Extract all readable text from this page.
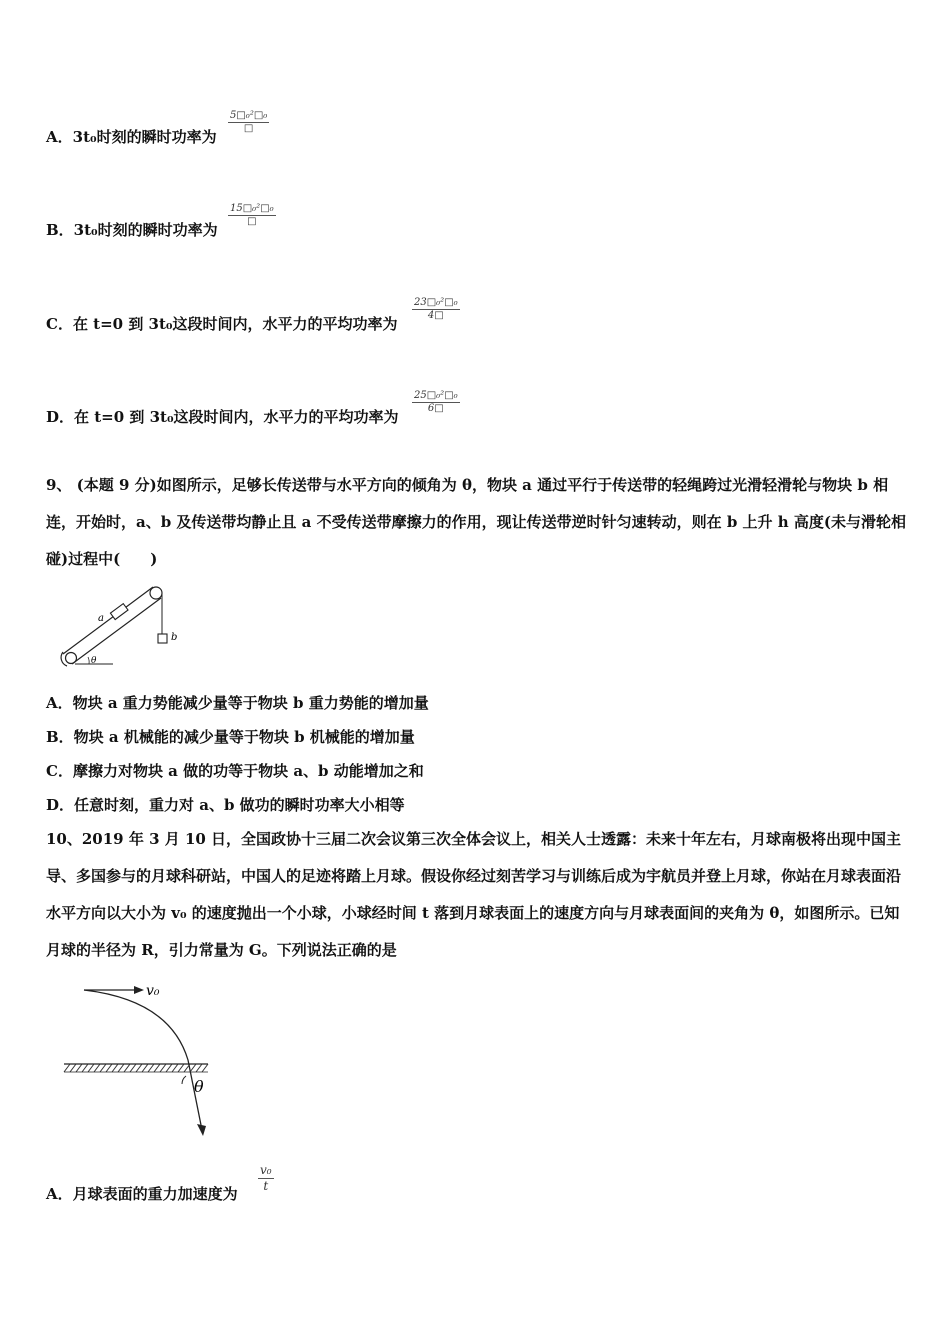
A．3t₀时刻的瞬时功率为
5□₀²□₀
□
B．3t₀时刻的瞬时功率为
15□₀²□₀
□
C．在 t=0 到 3t₀这段时间内，水平力的平均功率为
$\frac{\text{23□₀²□₀}}{4□}$
D．在 t=0 到 3t₀这段时间内，水平力的平均功率为
$\frac{\text{25□₀²□₀}}{6□}$
9、 (本题 9 分)如图所示，足够长传送带与水平方向的倾角为 θ，物块 a 通过平行于传送带的轻绳跨过光滑轻滑轮与物块 b 相连，开始时，a、b 及传送带均静止且 a 不受传送带摩擦力的作用，现让传送带逆时针匀速转动，则在 b 上升 h 高度(未与滑轮相碰)过程中(　　)
θ
a
b
A．物块 a 重力势能减少量等于物块 b 重力势能的增加量
B．物块 a 机械能的减少量等于物块 b 机械能的增加量
C．摩擦力对物块 a 做的功等于物块 a、b 动能增加之和
D．任意时刻，重力对 a、b 做功的瞬时功率大小相等
10、2019 年 3 月 10 日，全国政协十三届二次会议第三次全体会议上，相关人士透露：未来十年左右，月球南极将出现中国主导、多国参与的月球科研站，中国人的足迹将踏上月球。假设你经过刻苦学习与训练后成为宇航员并登上月球，你站在月球表面沿水平方向以大小为 v₀ 的速度抛出一个小球，小球经时间 t 落到月球表面上的速度方向与月球表面间的夹角为 θ，如图所示。已知月球的半径为 R，引力常量为 G。下列说法正确的是
v₀
θ
A．月球表面的重力加速度为
$\frac{\text{v₀}}{t}$
